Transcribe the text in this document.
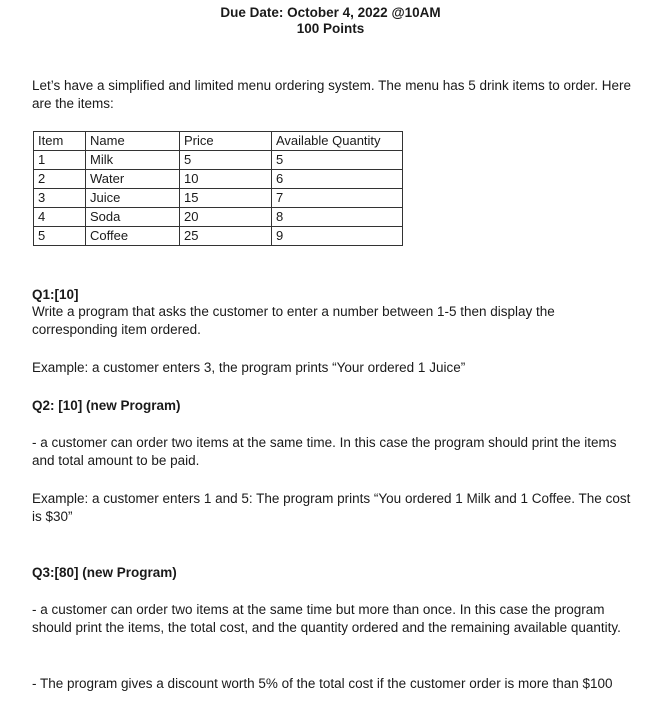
Due Date: October 4, 2022 @10AM
100 Points
Let’s have a simplified and limited menu ordering system. The menu has 5 drink items to order. Here are the items:
Item	Name	Price	Available Quantity
1	Milk	5	5
2	Water	10	6
3	Juice	15	7
4	Soda	20	8
5	Coffee	25	9
Q1:[10]
Write a program that asks the customer to enter a number between 1-5 then display the corresponding item ordered.
Example: a customer enters 3, the program prints “Your ordered 1 Juice”
Q2: [10] (new Program)
- a customer can order two items at the same time. In this case the program should print the items and total amount to be paid.
Example: a customer enters 1 and 5: The program prints “You ordered 1 Milk and 1 Coffee. The cost is $30”
Q3:[80] (new Program)
- a customer can order two items at the same time but more than once. In this case the program should print the items, the total cost, and the quantity ordered and the remaining available quantity.
- The program gives a discount worth 5% of the total cost if the customer order is more than $100
